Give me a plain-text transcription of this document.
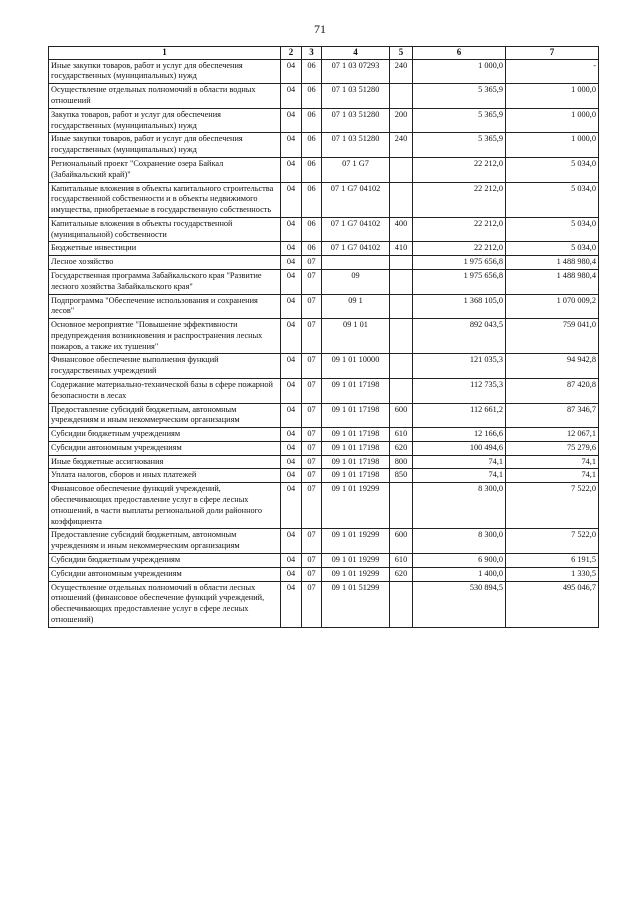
71
1	2	3	4	5	6	7
Иные закупки товаров, работ и услуг для обеспечения государственных (муниципальных) нужд	04	06	07 1 03 07293	240	1 000,0	-
Осуществление отдельных полномочий в области водных отношений	04	06	07 1 03 51280		5 365,9	1 000,0
Закупка товаров, работ и услуг для обеспечения государственных (муниципальных) нужд	04	06	07 1 03 51280	200	5 365,9	1 000,0
Иные закупки товаров, работ и услуг для обеспечения государственных (муниципальных) нужд	04	06	07 1 03 51280	240	5 365,9	1 000,0
Региональный проект "Сохранение озера Байкал (Забайкальский край)"	04	06	07 1 G7		22 212,0	5 034,0
Капитальные вложения в объекты капитального строительства государственной собственности и в объекты недвижимого имущества, приобретаемые в государственную собственность	04	06	07 1 G7 04102		22 212,0	5 034,0
Капитальные вложения в объекты государственной (муниципальной) собственности	04	06	07 1 G7 04102	400	22 212,0	5 034,0
Бюджетные инвестиции	04	06	07 1 G7 04102	410	22 212,0	5 034,0
Лесное хозяйство	04	07			1 975 656,8	1 488 980,4
Государственная программа Забайкальского края "Развитие лесного хозяйства Забайкальского края"	04	07	09		1 975 656,8	1 488 980,4
Подпрограмма "Обеспечение использования и сохранения лесов"	04	07	09 1		1 368 105,0	1 070 009,2
Основное мероприятие "Повышение эффективности предупреждения возникновения и распространения лесных пожаров, а также их тушения"	04	07	09 1 01		892 043,5	759 041,0
Финансовое обеспечение выполнения функций государственных учреждений	04	07	09 1 01 10000		121 035,3	94 942,8
Содержание материально-технической базы в сфере пожарной безопасности в лесах	04	07	09 1 01 17198		112 735,3	87 420,8
Предоставление субсидий бюджетным, автономным учреждениям и иным некоммерческим организациям	04	07	09 1 01 17198	600	112 661,2	87 346,7
Субсидии бюджетным учреждениям	04	07	09 1 01 17198	610	12 166,6	12 067,1
Субсидии автономным учреждениям	04	07	09 1 01 17198	620	100 494,6	75 279,6
Иные бюджетные ассигнования	04	07	09 1 01 17198	800	74,1	74,1
Уплата налогов, сборов и иных платежей	04	07	09 1 01 17198	850	74,1	74,1
Финансовое обеспечение функций учреждений, обеспечивающих предоставление услуг в сфере лесных отношений, в части выплаты региональной доли районного коэффициента	04	07	09 1 01 19299		8 300,0	7 522,0
Предоставление субсидий бюджетным, автономным учреждениям и иным некоммерческим организациям	04	07	09 1 01 19299	600	8 300,0	7 522,0
Субсидии бюджетным учреждениям	04	07	09 1 01 19299	610	6 900,0	6 191,5
Субсидии автономным учреждениям	04	07	09 1 01 19299	620	1 400,0	1 330,5
Осуществление отдельных полномочий в области лесных отношений (финансовое обеспечение функций учреждений, обеспечивающих предоставление услуг в сфере лесных отношений)	04	07	09 1 01 51299		530 894,5	495 046,7
